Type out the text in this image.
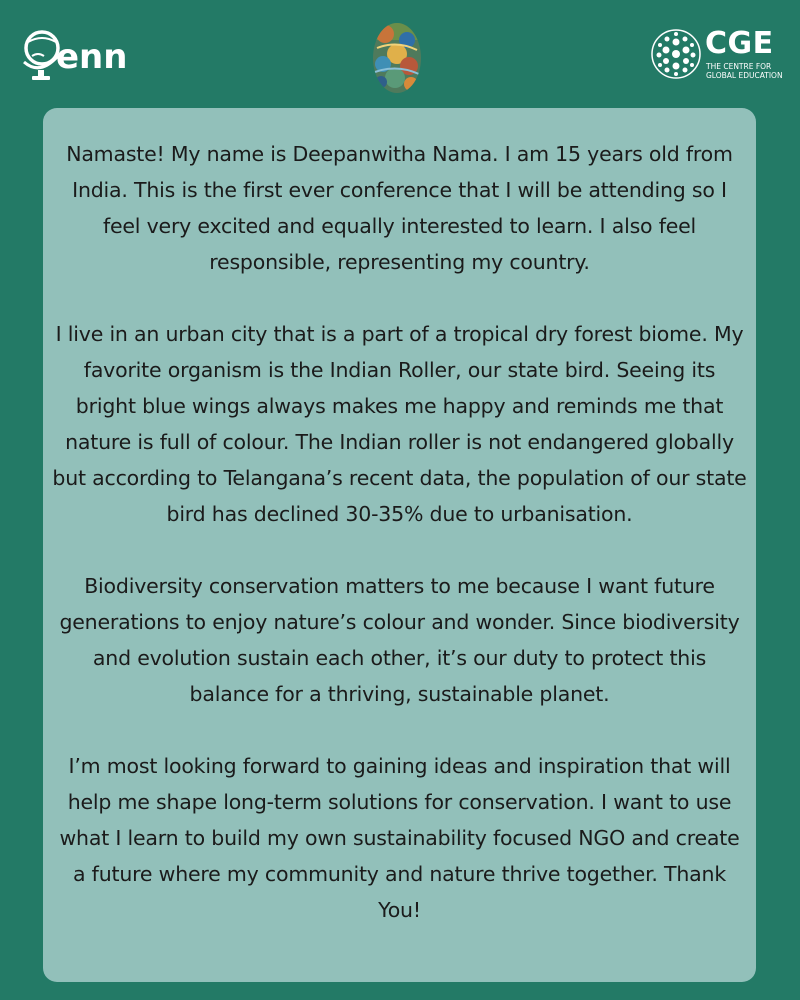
enn	CGE
THE CENTRE FOR
GLOBAL EDUCATION

Namaste! My name is Deepanwitha Nama. I am 15 years old from India. This is the first ever conference that I will be attending so I feel very excited and equally interested to learn. I also feel responsible, representing my country.

I live in an urban city that is a part of a tropical dry forest biome. My favorite organism is the Indian Roller, our state bird. Seeing its bright blue wings always makes me happy and reminds me that nature is full of colour. The Indian roller is not endangered globally but according to Telangana’s recent data, the population of our state bird has declined 30-35% due to urbanisation.

Biodiversity conservation matters to me because I want future generations to enjoy nature’s colour and wonder. Since biodiversity and evolution sustain each other, it’s our duty to protect this balance for a thriving, sustainable planet.

I’m most looking forward to gaining ideas and inspiration that will help me shape long-term solutions for conservation. I want to use what I learn to build my own sustainability focused NGO and create a future where my community and nature thrive together. Thank You!
